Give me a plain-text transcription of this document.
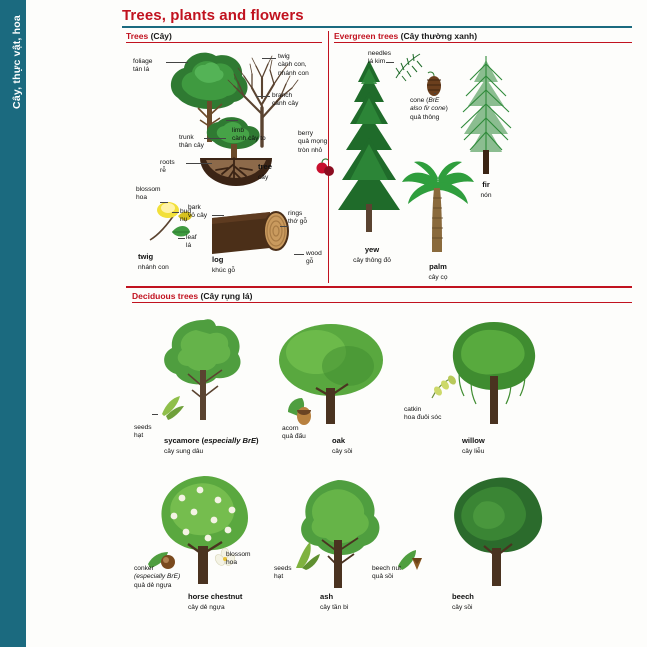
Cây, thực vật, hoa	Trees, plants and flowers
Trees (Cây)	Evergreen trees (Cây thường xanh)
Deciduous trees (Cây rụng lá)
foliage
tán lá
twig
cành con,
nhánh con
branch
cành cây
limb
cành cây to
trunk
thân cây
roots
rễ	tree
cây
berry
quả mọng
tròn nhỏ
blossom
hoa
bud
nụ
leaf
lá
twig
nhánh con
bark
vỏ cây	rings
thớ gỗ
wood
gỗ
log
khúc gỗ
needles
lá kim
cone (BrE
also fir cone)
quả thông
yew
cây thông đỏ
fir
nón
palm
cây cọ
seeds
hạt
sycamore (especially BrE)
cây sung dâu
acorn
quả đấu	oak
cây sồi
catkin
hoa đuôi sóc
willow
cây liễu
conker
(especially BrE)
quả dẻ ngựa
blossom
hoa
horse chestnut
cây dẻ ngựa
seeds
hạt
ash
cây tần bì
beech nut
quả sồi
beech
cây sồi
